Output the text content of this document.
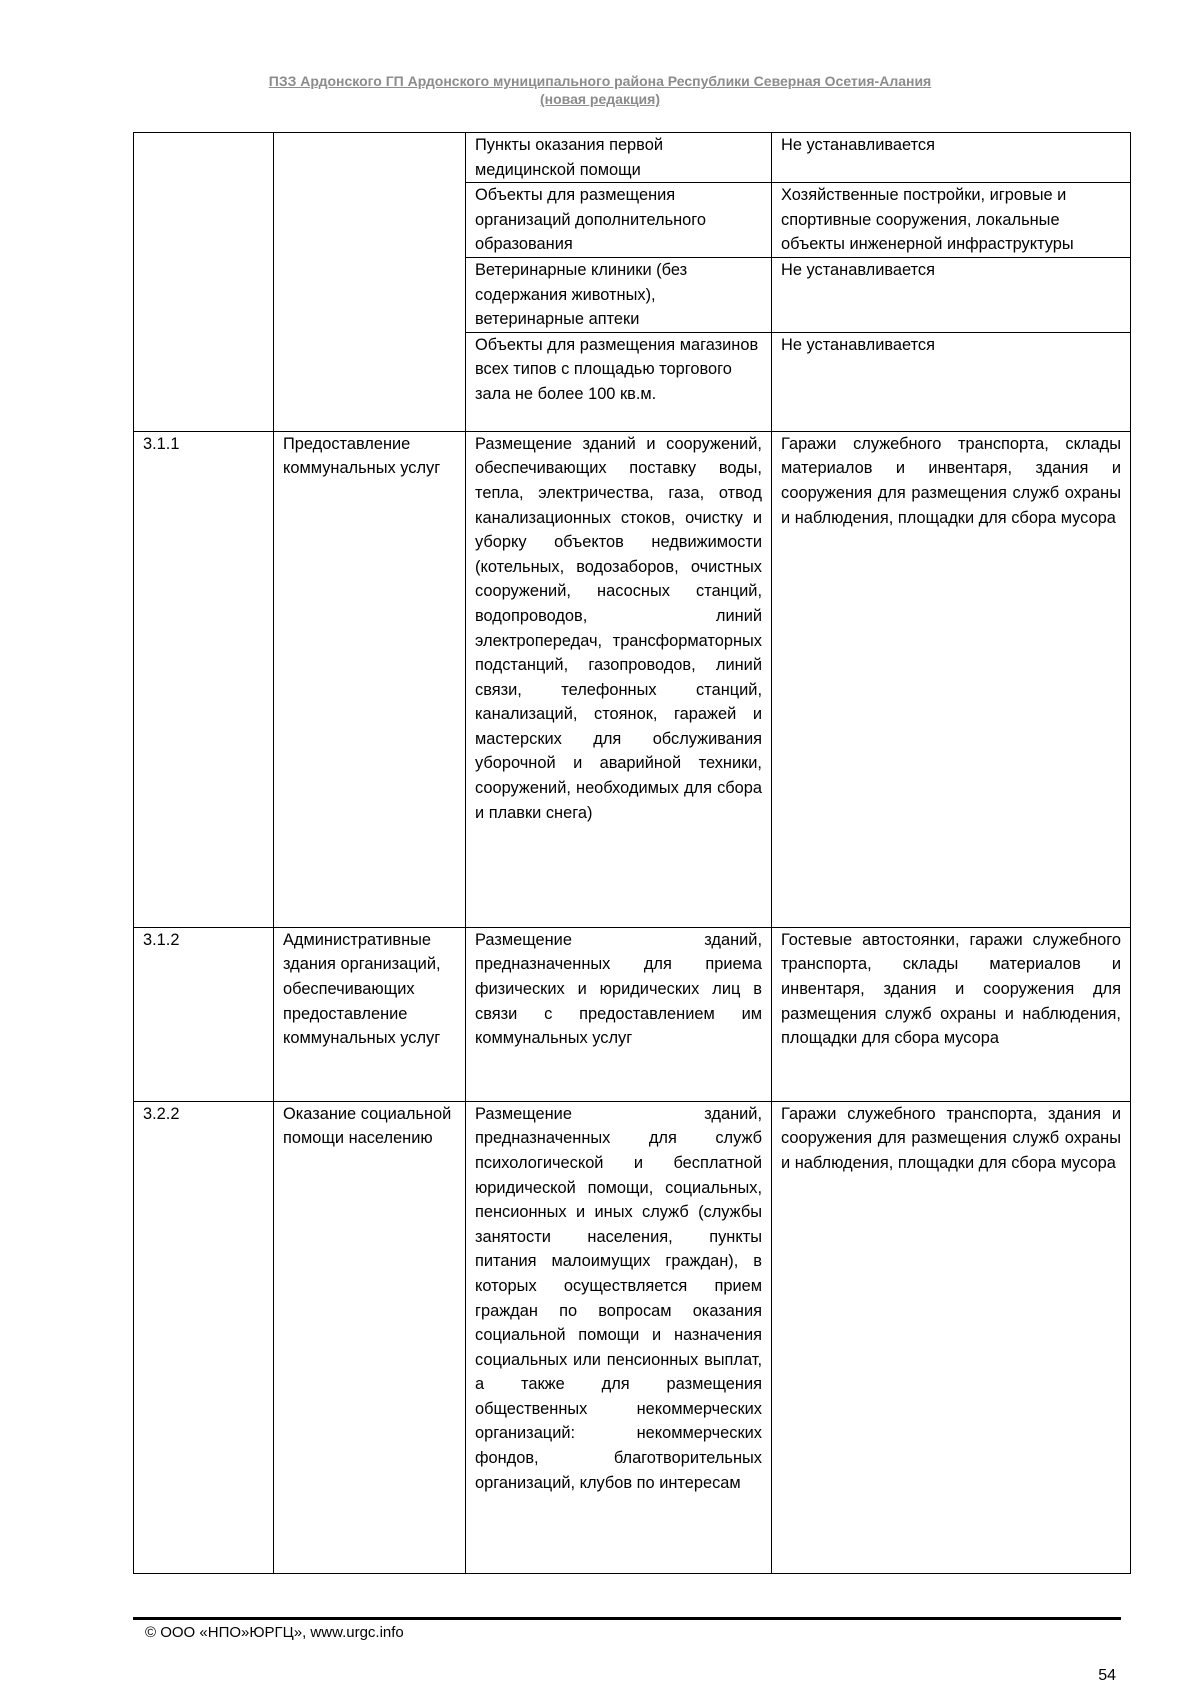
ПЗЗ Ардонского ГП Ардонского муниципального района Республики Северная Осетия-Алания
(новая редакция)
		Пункты оказания первой медицинской помощи	Не устанавливается
		Объекты для размещения организаций дополнительного образования	Хозяйственные постройки, игровые и спортивные сооружения, локальные объекты инженерной инфраструктуры
		Ветеринарные клиники (без содержания животных), ветеринарные аптеки	Не устанавливается
		Объекты для размещения магазинов всех типов с площадью торгового зала не более 100 кв.м.	Не устанавливается
3.1.1	Предоставление коммунальных услуг	Размещение зданий и сооружений, обеспечивающих поставку воды, тепла, электричества, газа, отвод канализационных стоков, очистку и уборку объектов недвижимости (котельных, водозаборов, очистных сооружений, насосных станций, водопроводов, линий электропередач, трансформаторных подстанций, газопроводов, линий связи, телефонных станций, канализаций, стоянок, гаражей и мастерских для обслуживания уборочной и аварийной техники, сооружений, необходимых для сбора и плавки снега)	Гаражи служебного транспорта, склады материалов и инвентаря, здания и сооружения для размещения служб охраны и наблюдения, площадки для сбора мусора
3.1.2	Административные здания организаций, обеспечивающих предоставление коммунальных услуг	Размещение зданий, предназначенных для приема физических и юридических лиц в связи с предоставлением им коммунальных услуг	Гостевые автостоянки, гаражи служебного транспорта, склады материалов и инвентаря, здания и сооружения для размещения служб охраны и наблюдения, площадки для сбора мусора
3.2.2	Оказание социальной помощи населению	Размещение зданий, предназначенных для служб психологической и бесплатной юридической помощи, социальных, пенсионных и иных служб (службы занятости населения, пункты питания малоимущих граждан), в которых осуществляется прием граждан по вопросам оказания социальной помощи и назначения социальных или пенсионных выплат, а также для размещения общественных некоммерческих организаций: некоммерческих фондов, благотворительных организаций, клубов по интересам	Гаражи служебного транспорта, здания и сооружения для размещения служб охраны и наблюдения, площадки для сбора мусора
© ООО «НПО»ЮРГЦ», www.urgc.info
54
